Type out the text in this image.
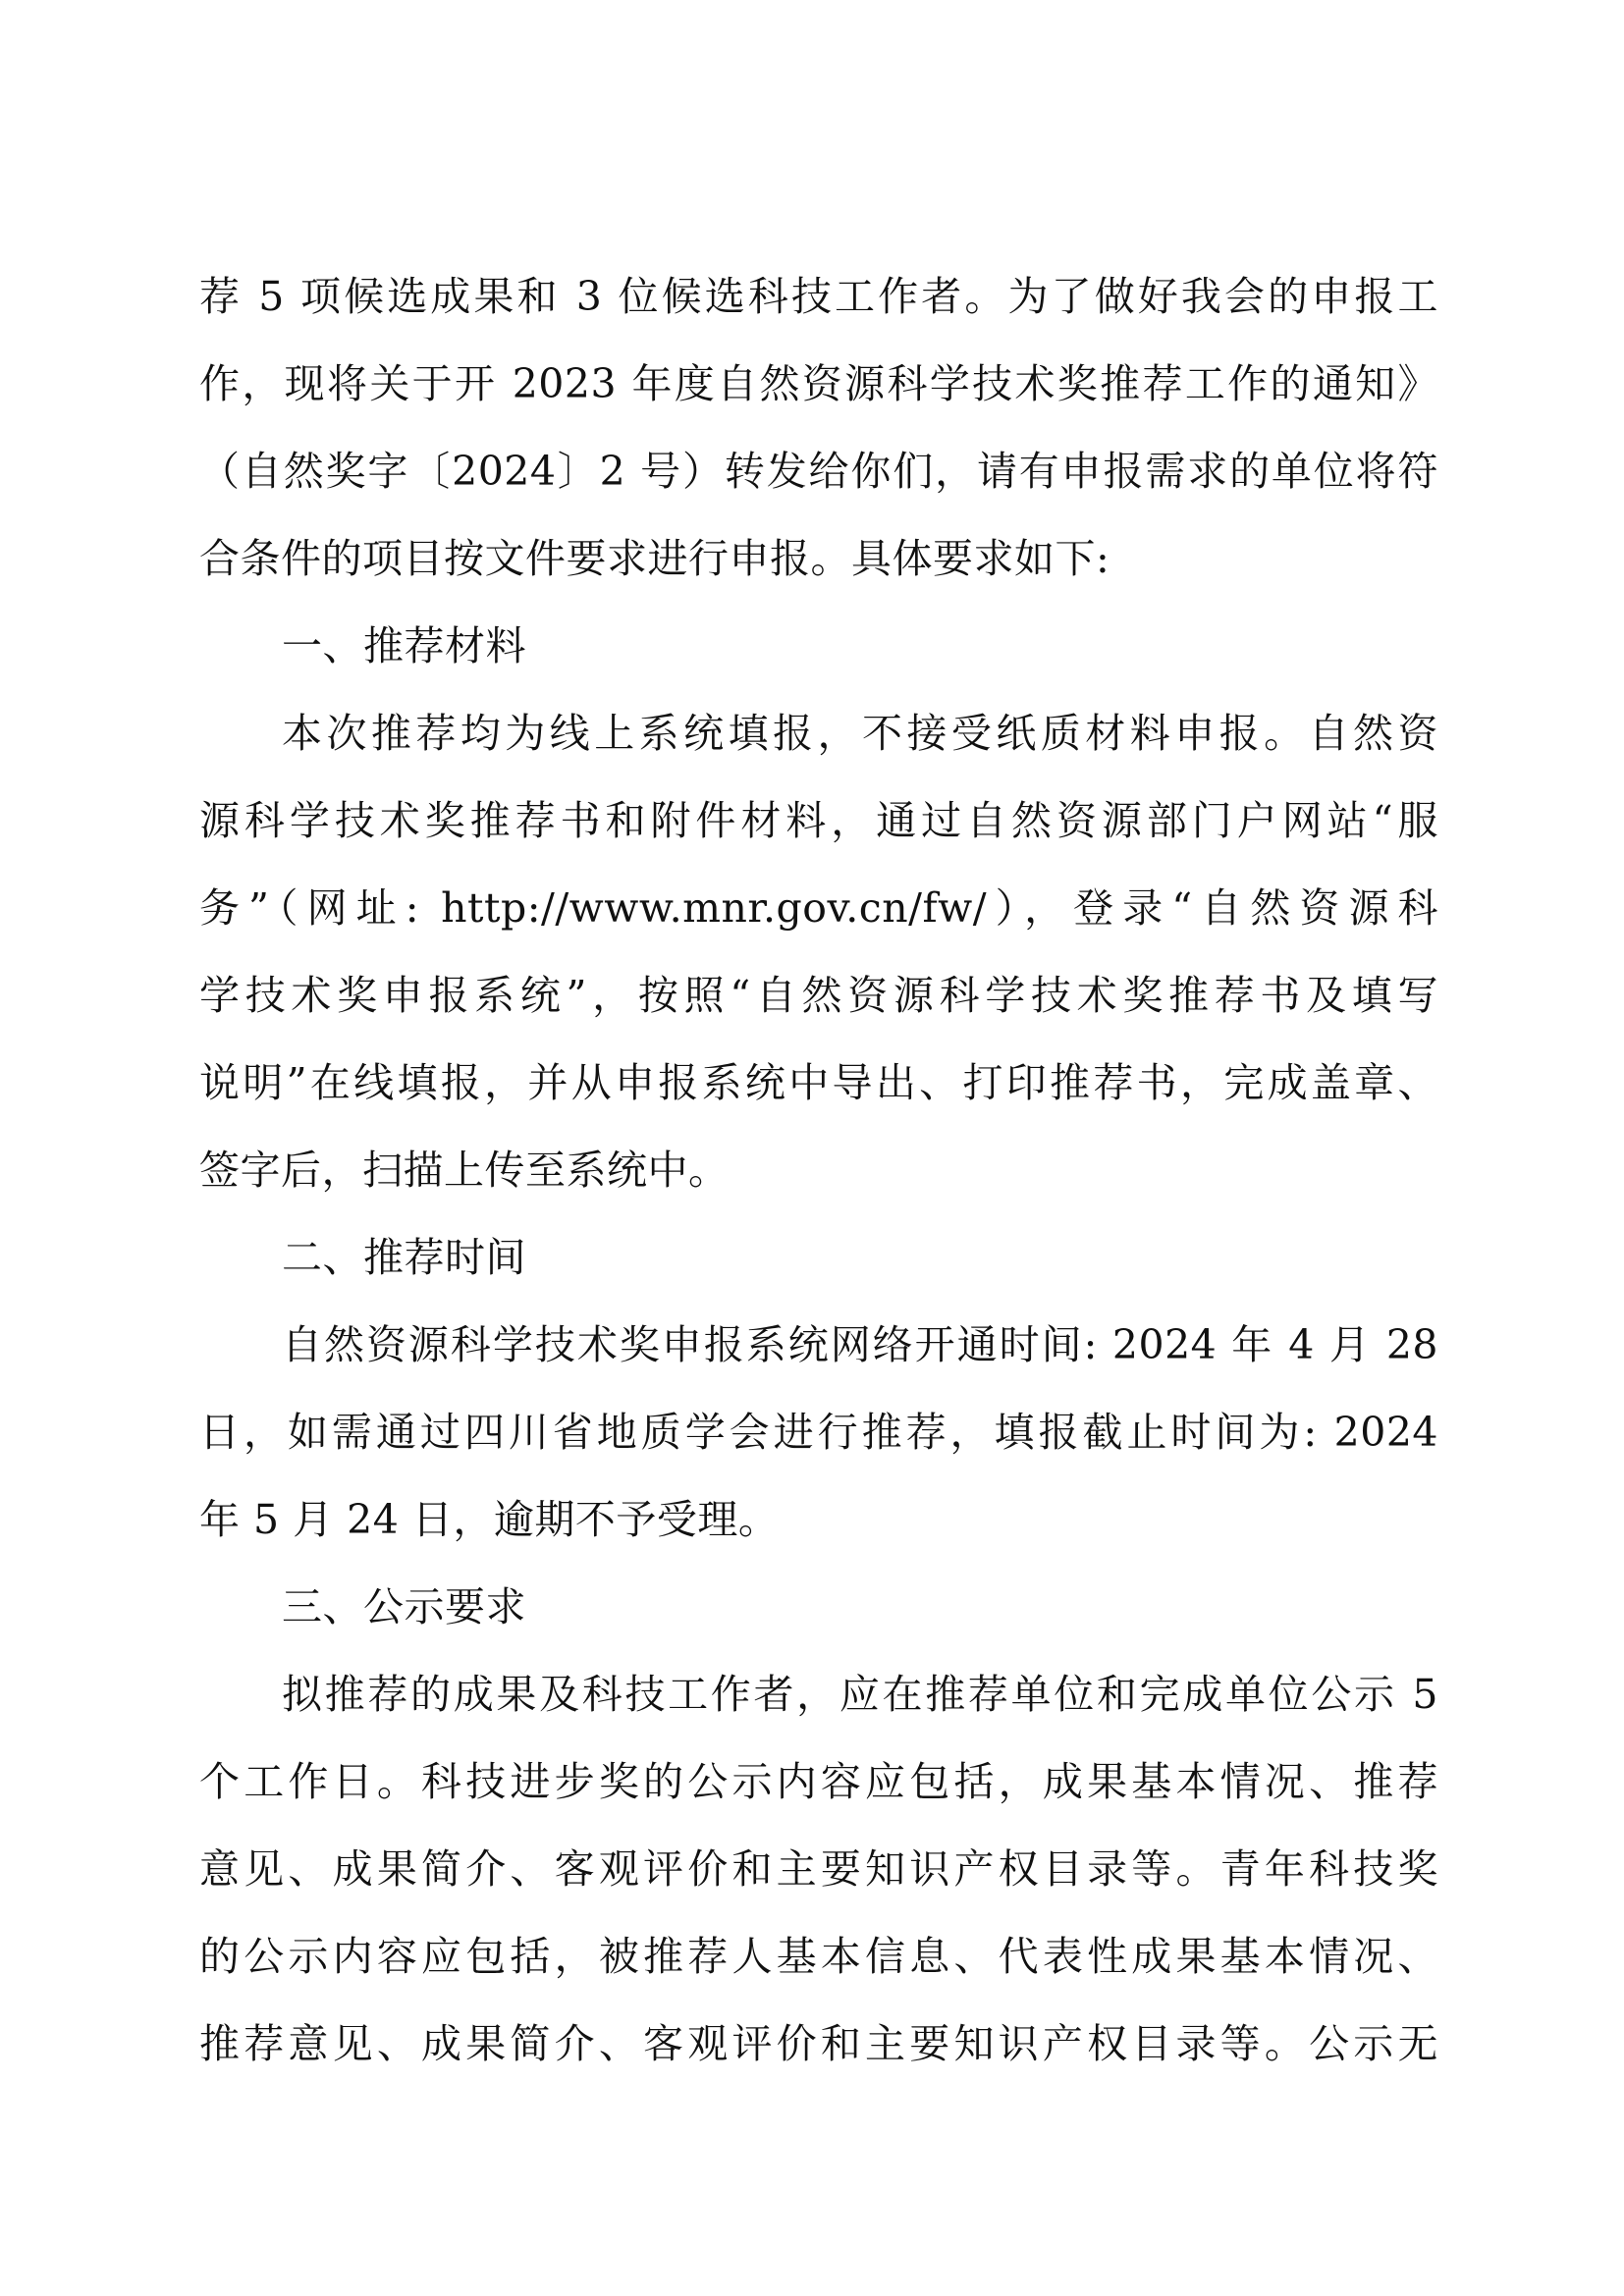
荐 5 项候选成果和 3 位候选科技工作者。为了做好我会的申报工
作，现将关于开 2023 年度自然资源科学技术奖推荐工作的通知》
（自然奖字〔2024〕2 号）转发给你们，请有申报需求的单位将符
合条件的项目按文件要求进行申报。具体要求如下:
一、推荐材料
本次推荐均为线上系统填报，不接受纸质材料申报。自然资
源科学技术奖推荐书和附件材料，通过自然资源部门户网站“服
务”（网址: http://www.mnr.gov.cn/fw/），登录“自然资源科
学技术奖申报系统”，按照“自然资源科学技术奖推荐书及填写
说明”在线填报，并从申报系统中导出、打印推荐书，完成盖章、
签字后，扫描上传至系统中。
二、推荐时间
自然资源科学技术奖申报系统网络开通时间: 2024 年 4 月 28
日，如需通过四川省地质学会进行推荐，填报截止时间为: 2024
年 5 月 24 日，逾期不予受理。
三、公示要求
拟推荐的成果及科技工作者，应在推荐单位和完成单位公示 5
个工作日。科技进步奖的公示内容应包括，成果基本情况、推荐
意见、成果简介、客观评价和主要知识产权目录等。青年科技奖
的公示内容应包括，被推荐人基本信息、代表性成果基本情况、
推荐意见、成果简介、客观评价和主要知识产权目录等。公示无
